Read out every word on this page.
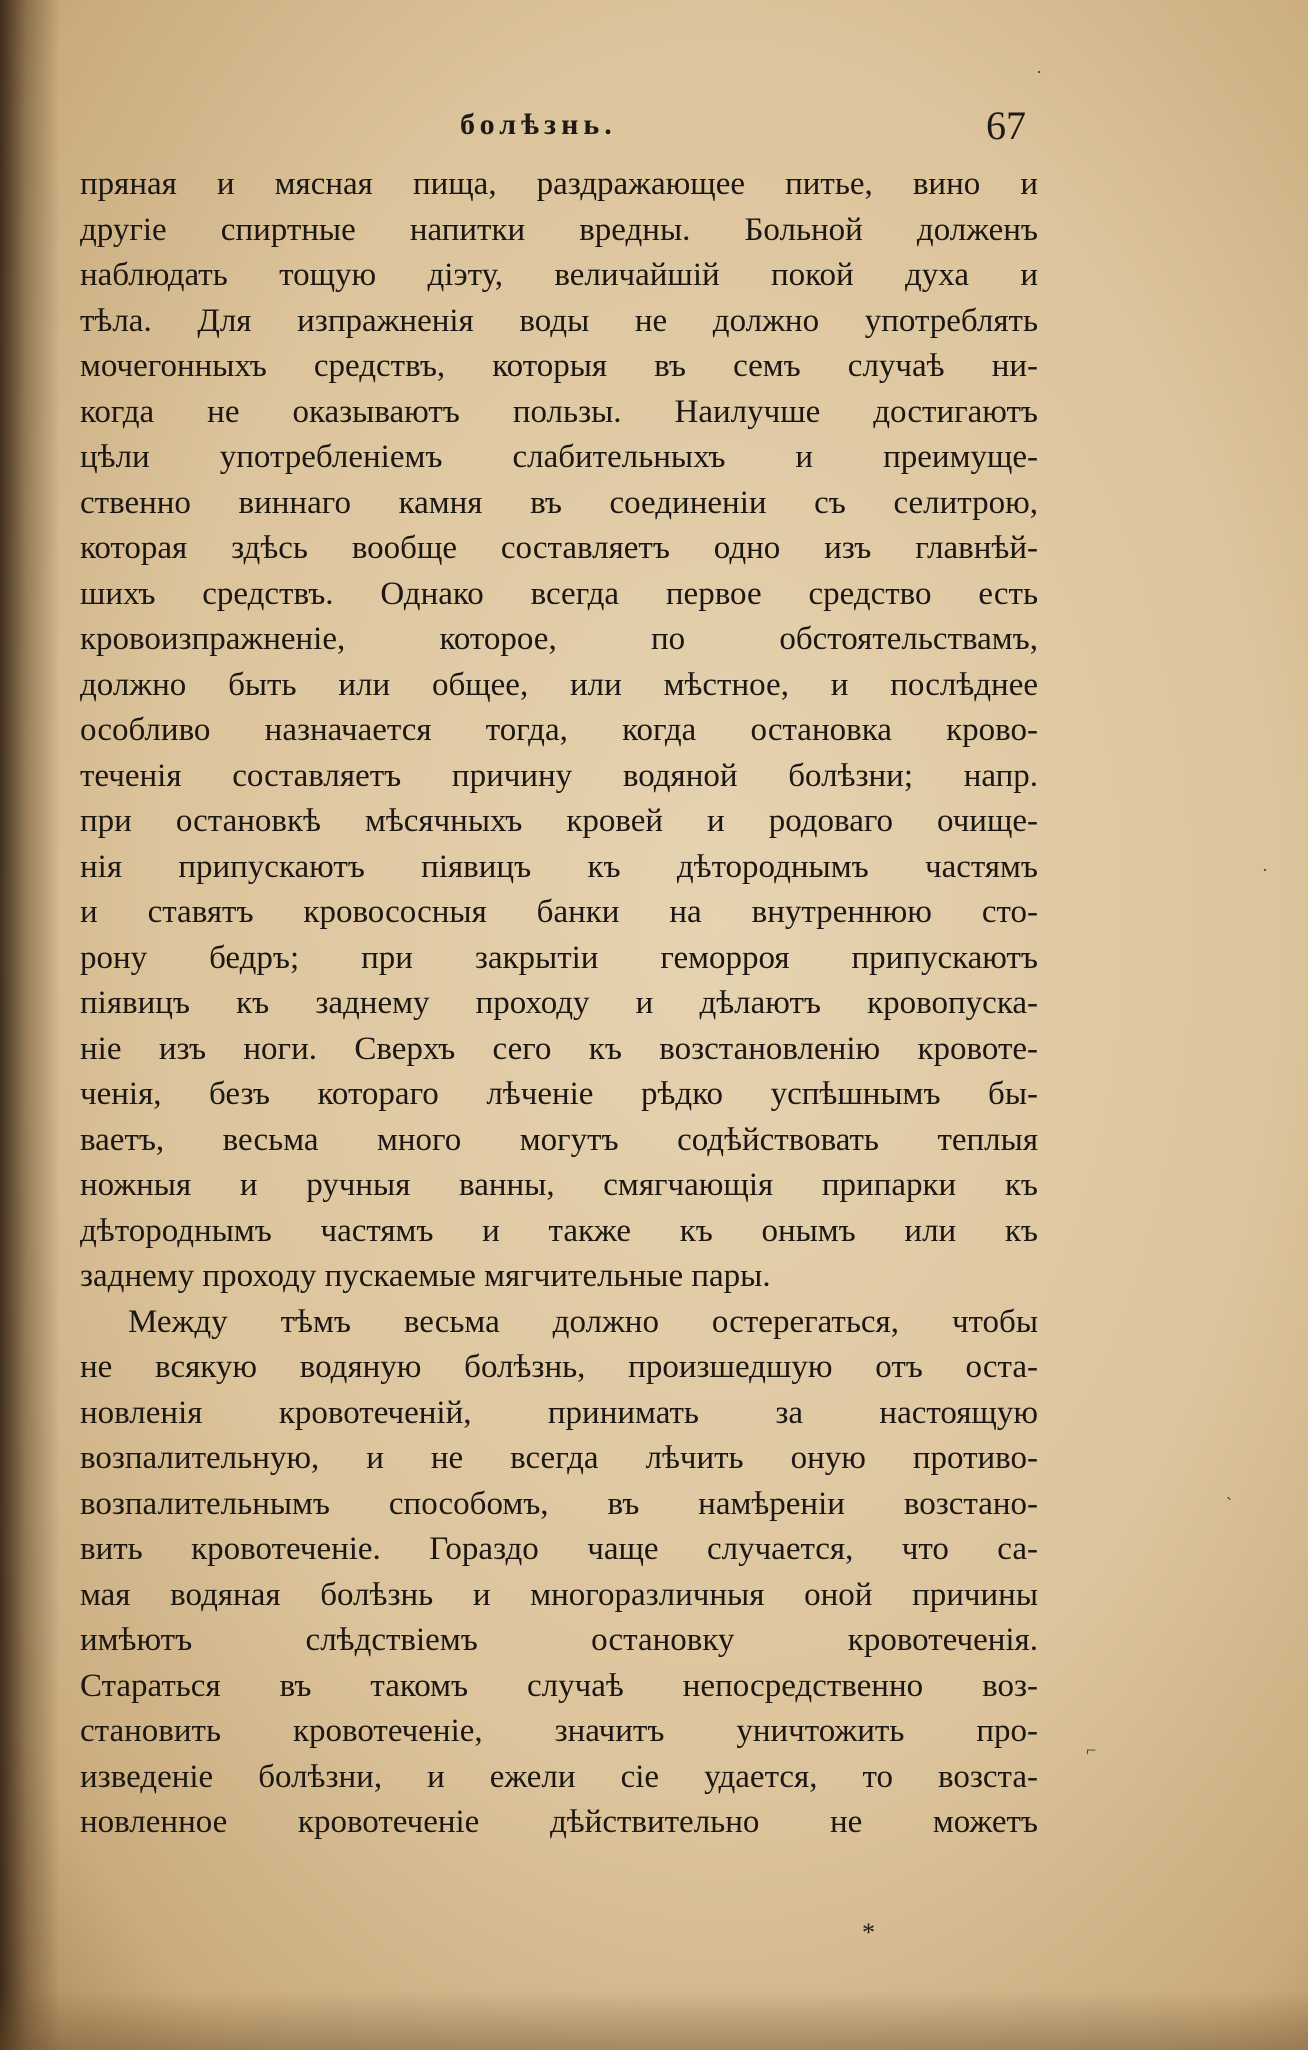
болѣзнь.	67
пряная и мясная пища, раздражающее питье, вино и
другіе спиртные напитки вредны. Больной долженъ
наблюдать тощую діэту, величайшій покой духа и
тѣла. Для изпражненія воды не должно употреблять
мочегонныхъ средствъ, которыя въ семъ случаѣ ни-
когда не оказываютъ пользы. Наилучше достигаютъ
цѣли употребленіемъ слабительныхъ и преимуще-
ственно виннаго камня въ соединеніи съ селитрою,
которая здѣсь вообще составляетъ одно изъ главнѣй-
шихъ средствъ. Однако всегда первое средство есть
кровоизпражненіе, которое, по обстоятельствамъ,
должно быть или общее, или мѣстное, и послѣднее
особливо назначается тогда, когда остановка крово-
теченія составляетъ причину водяной болѣзни; напр.
при остановкѣ мѣсячныхъ кровей и родоваго очище-
нія припускаютъ піявицъ къ дѣтороднымъ частямъ
и ставятъ кровососныя банки на внутреннюю сто-
рону бедръ; при закрытіи геморроя припускаютъ
піявицъ къ заднему проходу и дѣлаютъ кровопуска-
ніе изъ ноги. Сверхъ сего къ возстановленію кровоте-
ченія, безъ котораго лѣченіе рѣдко успѣшнымъ бы-
ваетъ, весьма много могутъ содѣйствовать теплыя
ножныя и ручныя ванны, смягчающія припарки къ
дѣтороднымъ частямъ и также къ онымъ или къ
заднему проходу пускаемые мягчительные пары.
Между тѣмъ весьма должно остерегаться, чтобы
не всякую водяную болѣзнь, произшедшую отъ оста-
новленія кровотеченій, принимать за настоящую
возпалительную, и не всегда лѣчить оную противо-
возпалительнымъ способомъ, въ намѣреніи возстано-
вить кровотеченіе. Гораздо чаще случается, что са-
мая водяная болѣзнь и многоразличныя оной причины
имѣютъ слѣдствіемъ остановку кровотеченія.
Стараться въ такомъ случаѣ непосредственно воз-
становить кровотеченіе, значитъ уничтожить про-
изведеніе болѣзни, и ежели сіе удается, то возста-
новленное кровотеченіе дѣйствительно не можетъ
*
·
·
ˏ
⌐
